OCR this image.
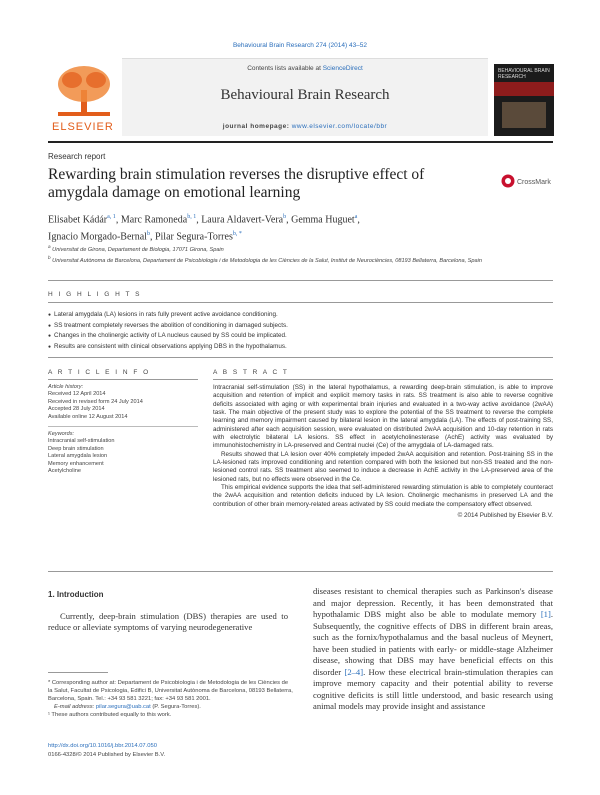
Behavioural Brain Research 274 (2014) 43–52
ELSEVIER
Contents lists available at ScienceDirect
Behavioural Brain Research
journal homepage: www.elsevier.com/locate/bbr
BEHAVIOURAL BRAIN RESEARCH
Research report
Rewarding brain stimulation reverses the disruptive effect of amygdala damage on emotional learning
CrossMark
Elisabet Kádár$^{a, 1}$, Marc Ramoneda$^{b, 1}$, Laura Aldavert-Vera$^b$, Gemma Huguet$^a$,
Ignacio Morgado-Bernal$^b$, Pilar Segura-Torres$^{b, *}$
$^a$ Universitat de Girona, Departament de Biologia, 17071 Girona, Spain
$^b$ Universitat Autònoma de Barcelona, Departament de Psicobiologia i de Metodologia de les Ciències de la Salut, Institut de Neurociències, 08193 Bellaterra, Barcelona, Spain
H I G H L I G H T S
● Lateral amygdala (LA) lesions in rats fully prevent active avoidance conditioning.
● SS treatment completely reverses the abolition of conditioning in damaged subjects.
● Changes in the cholinergic activity of LA nucleus caused by SS could be implicated.
● Results are consistent with clinical observations applying DBS in the hypothalamus.
A R T I C L E I N F O	A B S T R A C T
Article history:
Received 12 April 2014
Received in revised form 24 July 2014
Accepted 28 July 2014
Available online 12 August 2014
Keywords:
Intracranial self-stimulation
Deep brain stimulation
Lateral amygdala lesion
Memory enhancement
Acetylcholine

Intracranial self-stimulation (SS) in the lateral hypothalamus, a rewarding deep-brain stimulation, is able to improve acquisition and retention of implicit and explicit memory tasks in rats. SS treatment is also able to reverse cognitive deficits associated with aging or with experimental brain injuries and evaluated in a two-way active avoidance (2wAA) task. The main objective of the present study was to explore the potential of the SS treatment to reverse the complete learning and memory impairment caused by bilateral lesion in the lateral amygdala (LA). The effects of post-training SS, administered after each acquisition session, were evaluated on distributed 2wAA acquisition and 10-day retention in rats with electrolytic bilateral LA lesions. SS effect in acetylcholinesterase (AchE) activity was evaluated by immunohistochemistry in LA-preserved and Central nuclei (Ce) of the amygdala of LA-damaged rats.

Results showed that LA lesion over 40% completely impeded 2wAA acquisition and retention. Post-training SS in the LA-lesioned rats improved conditioning and retention compared with both the lesioned but non-SS treated and the non-lesioned control rats. SS treatment also seemed to induce a decrease in AchE activity in the LA-preserved area of the lesioned rats, but no effects were observed in the Ce.

This empirical evidence supports the idea that self-administered rewarding stimulation is able to completely counteract the 2wAA acquisition and retention deficits induced by LA lesion. Cholinergic mechanisms in preserved LA and the contribution of other brain memory-related areas activated by SS could mediate the compensatory effect observed.

© 2014 Published by Elsevier B.V.

1. Introduction

Currently, deep-brain stimulation (DBS) therapies are used to reduce or alleviate symptoms of varying neurodegenerative

diseases resistant to chemical therapies such as Parkinson's disease and major depression. Recently, it has been demonstrated that hypothalamic DBS might also be able to modulate memory [1]. Subsequently, the cognitive effects of DBS in different brain areas, such as the fornix/hypothalamus and the basal nucleus of Meynert, have been studied in patients with early- or middle-stage Alzheimer disease, showing that DBS may have beneficial effects on this disorder [2–4]. How these electrical brain-stimulation therapies can improve memory capacity and their potential ability to reverse cognitive deficits is still little understood, and basic research using animal models may provide insight and assistance

* Corresponding author at: Departament de Psicobiologia i de Metodologia de les Ciències de la Salut, Facultat de Psicologia, Edifici B, Universitat Autònoma de Barcelona, 08193 Bellaterra, Barcelona, Spain. Tel.: +34 93 581 3221; fax: +34 93 581 2001.

E-mail address: pilar.segura@uab.cat (P. Segura-Torres).

¹ These authors contributed equally to this work.

http://dx.doi.org/10.1016/j.bbr.2014.07.050
0166-4328/© 2014 Published by Elsevier B.V.
